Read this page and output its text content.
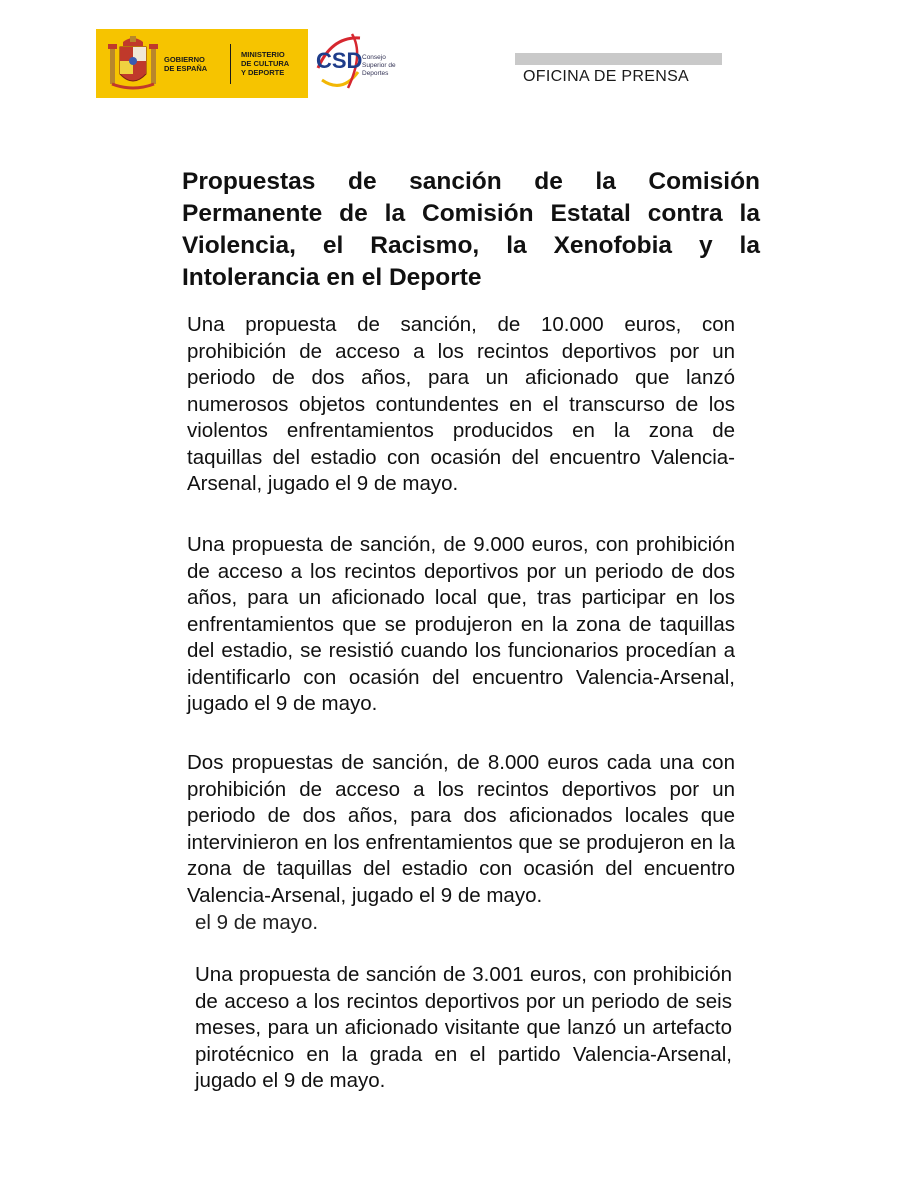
GOBIERNO
DE ESPAÑA
MINISTERIO
DE CULTURA
Y DEPORTE	CSD Consejo
Superior de
Deportes	OFICINA DE PRENSA
Propuestas de sanción de la Comisión Permanente de la Comisión Estatal contra la Violencia, el Racismo, la Xenofobia y la Intolerancia en el Deporte

Una propuesta de sanción, de 10.000 euros, con prohibición de acceso a los recintos deportivos por un periodo de dos años, para un aficionado que lanzó numerosos objetos contundentes en el transcurso de los violentos enfrentamientos producidos en la zona de taquillas del estadio con ocasión del encuentro Valencia-Arsenal, jugado el 9 de mayo.

Una propuesta de sanción, de 9.000 euros, con prohibición de acceso a los recintos deportivos por un periodo de dos años, para un aficionado local que, tras participar en los enfrentamientos que se produjeron en la zona de taquillas del estadio, se resistió cuando los funcionarios procedían a identificarlo con ocasión del encuentro Valencia-Arsenal, jugado el 9 de mayo.

Dos propuestas de sanción, de 8.000 euros cada una con prohibición de acceso a los recintos deportivos por un periodo de dos años, para dos aficionados locales que intervinieron en los enfrentamientos que se produjeron en la zona de taquillas del estadio con ocasión del encuentro Valencia-Arsenal, jugado el 9 de mayo.

el 9 de mayo.

Una propuesta de sanción de 3.001 euros, con prohibición de acceso a los recintos deportivos por un periodo de seis meses, para un aficionado visitante que lanzó un artefacto pirotécnico en la grada en el partido Valencia-Arsenal, jugado el 9 de mayo.
